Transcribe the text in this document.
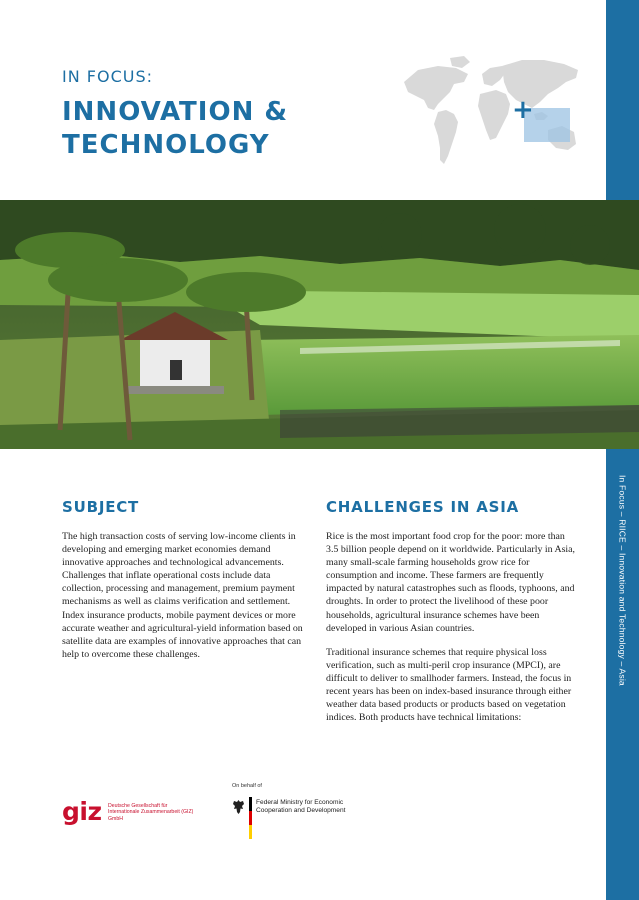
In Focus – RIICE – Innovation and Technology – Asia
IN FOCUS:
INNOVATION & TECHNOLOGY
+
SUBJECT

The high transaction costs of serving low-income clients in developing and emerging market economies demand innovative approaches and technological advancements. Challenges that inflate operational costs include data collection, processing and management, premium payment mechanisms as well as claims verification and settlement. Index insurance products, mobile payment devices or more accurate weather and agricultural-yield information based on satellite data are examples of innovative approaches that can help to overcome these challenges.

CHALLENGES IN ASIA

Rice is the most important food crop for the poor: more than 3.5 billion people depend on it worldwide. Particularly in Asia, many small-scale farming households grow rice for consumption and income. These farmers are frequently impacted by natural catastrophes such as floods, typhoons, and droughts. In order to protect the livelihood of these poor households, agricultural insurance schemes have been developed in various Asian countries.

Traditional insurance schemes that require physical loss verification, such as multi-peril crop insurance (MPCI), are difficult to deliver to smallhoder farmers. Instead, the focus in recent years has been on index-based insurance through either weather data based products or products based on vegetation indices. Both products have technical limitations:

On behalf of
giz Deutsche Gesellschaft für Internationale Zusammenarbeit (GIZ) GmbH
Federal Ministry for Economic Cooperation and Development
